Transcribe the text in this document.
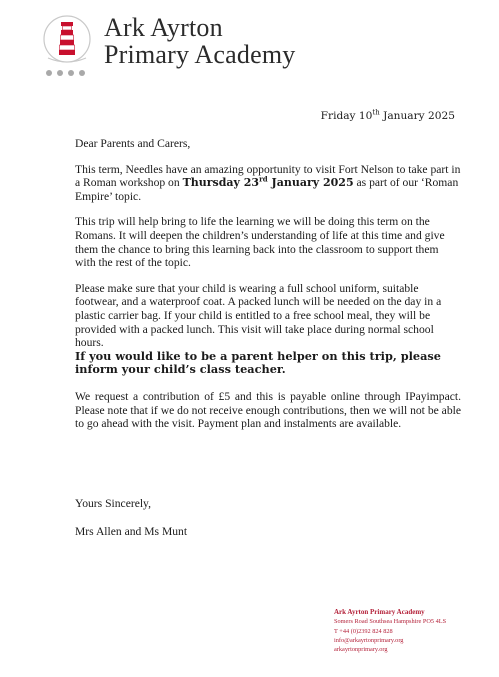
Ark Ayrton
Primary Academy
Friday 10th January 2025

Dear Parents and Carers,

This term, Needles have an amazing opportunity to visit Fort Nelson to take part in a Roman workshop on Thursday 23rd January 2025 as part of our ‘Roman Empire’ topic.

This trip will help bring to life the learning we will be doing this term on the Romans. It will deepen the children’s understanding of life at this time and give them the chance to bring this learning back into the classroom to support them with the rest of the topic.

Please make sure that your child is wearing a full school uniform, suitable footwear, and a waterproof coat. A packed lunch will be needed on the day in a plastic carrier bag. If your child is entitled to a free school meal, they will be provided with a packed lunch. This visit will take place during normal school hours.

If you would like to be a parent helper on this trip, please inform your child’s class teacher.

We request a contribution of £5 and this is payable online through IPayimpact. Please note that if we do not receive enough contributions, then we will not be able to go ahead with the visit. Payment plan and instalments are available.

Yours Sincerely,
Mrs Allen and Ms Munt
Ark Ayrton Primary Academy
Somers Road Southsea Hampshire PO5 4LS
T +44 (0)2392 824 828
info@arkayrtonprimary.org
arkayrtonprimary.org
